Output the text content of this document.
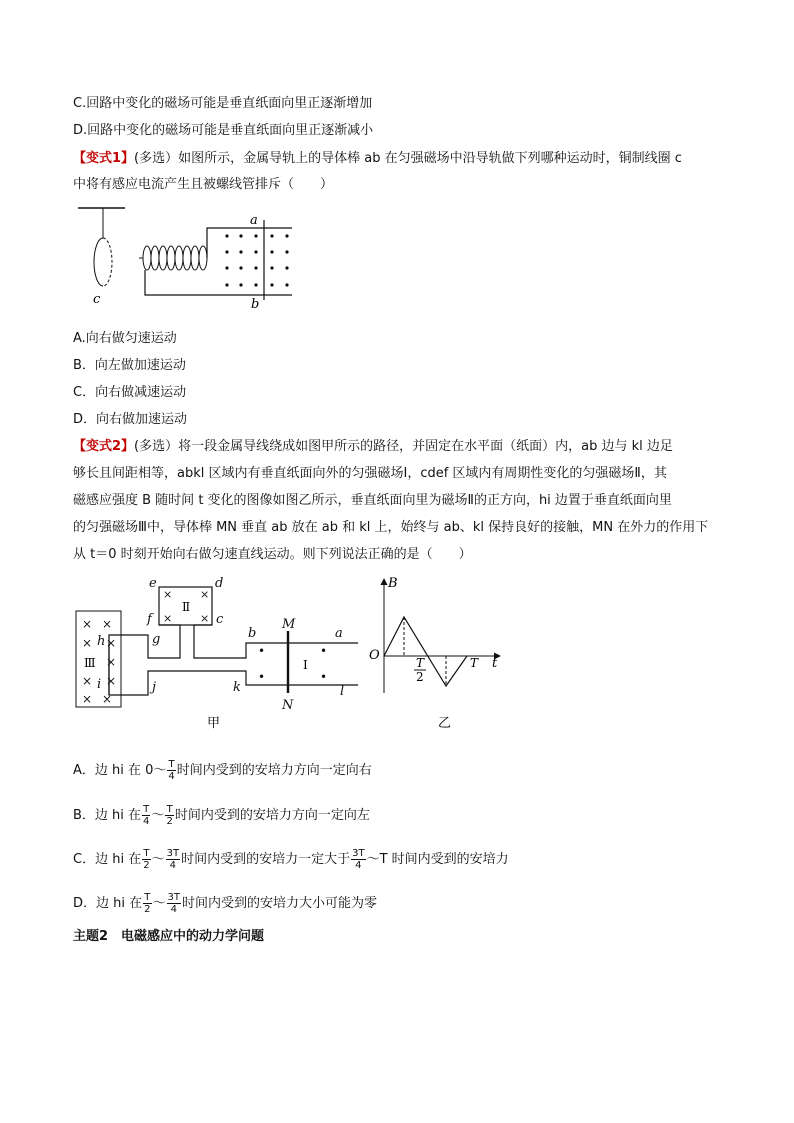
C.回路中变化的磁场可能是垂直纸面向里正逐渐增加
D.回路中变化的磁场可能是垂直纸面向里正逐渐减小
【变式1】(多选）如图所示，金属导轨上的导体棒 ab 在匀强磁场中沿导轨做下列哪种运动时，铜制线圈 c
中将有感应电流产生且被螺线管排斥（　　）
c
a
b
A.向右做匀速运动
B．向左做加速运动
C．向右做减速运动
D．向右做加速运动
【变式2】(多选）将一段金属导线绕成如图甲所示的路径，并固定在水平面（纸面）内，ab 边与 kl 边足
够长且间距相等，abkl 区域内有垂直纸面向外的匀强磁场Ⅰ，cdef 区域内有周期性变化的匀强磁场Ⅱ，其
磁感应强度 B 随时间 t 变化的图像如图乙所示，垂直纸面向里为磁场Ⅱ的正方向，hi 边置于垂直纸面向里
的匀强磁场Ⅲ中，导体棒 MN 垂直 ab 放在 ab 和 kl 上，始终与 ab、kl 保持良好的接触，MN 在外力的作用下
从 t＝0 时刻开始向右做匀速直线运动。则下列说法正确的是（　　）
× ×
× ×
×
× ×
× ×
Ⅲ
×	×
×	×
Ⅱ
•
•
•
•
Ⅰ
e	d
f	c
g
h
i	j	k
b	a
l
M
N
甲
B
t
O	T
2
T
乙
A．边 hi 在 0～ $\frac{T}{4}$ 时间内受到的安培力方向一定向右
B．边 hi 在 $\frac{T}{4}$ ～ $\frac{T}{2}$ 时间内受到的安培力方向一定向左
C．边 hi 在 $\frac{T}{2}$ ～ $\frac{3T}{4}$ 时间内受到的安培力一定大于 $\frac{3T}{4}$ ～T 时间内受到的安培力
D．边 hi 在 $\frac{T}{2}$ ～ $\frac{3T}{4}$ 时间内受到的安培力大小可能为零
主题2　电磁感应中的动力学问题
